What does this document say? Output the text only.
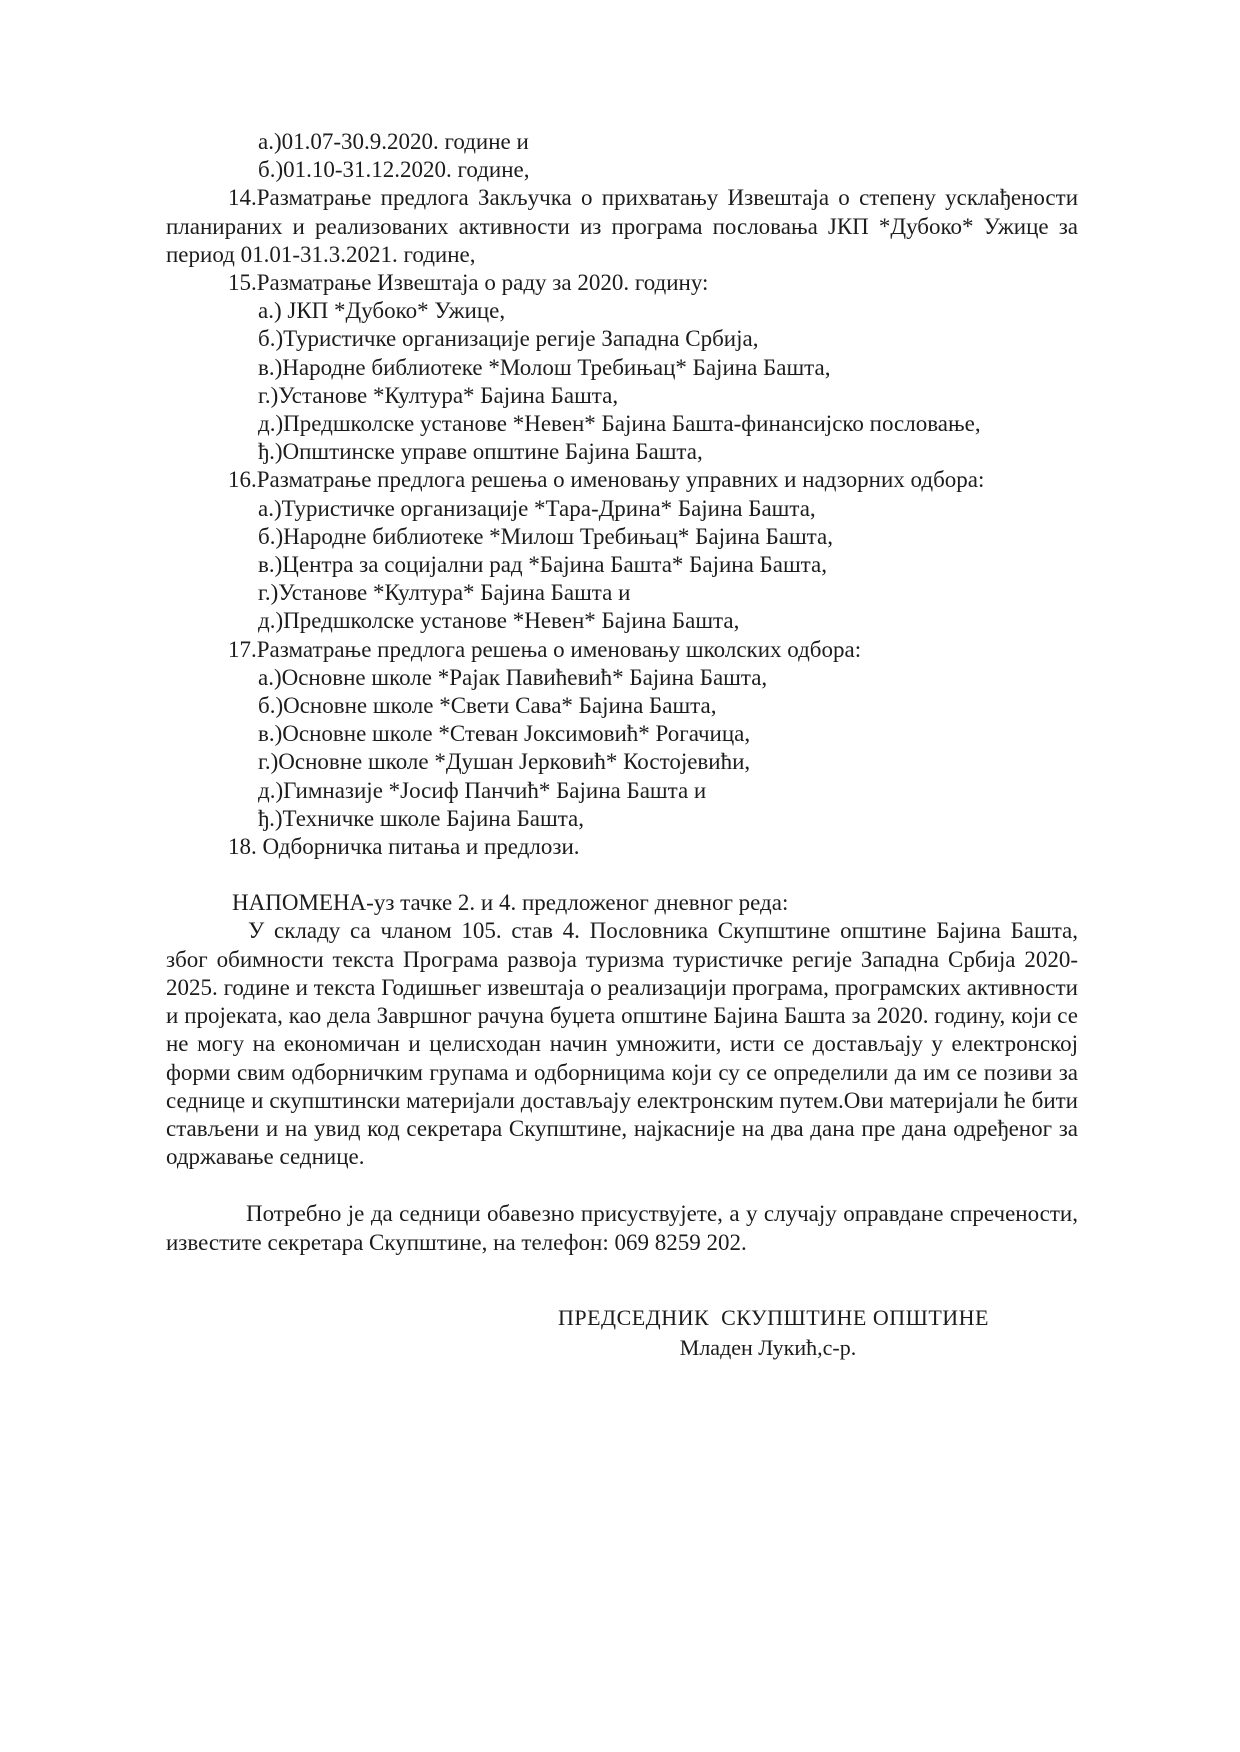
а.)01.07-30.9.2020. године и
б.)01.10-31.12.2020. године,

14.Разматрање предлога Закључка о прихватању Извештаја о степену усклађености планираних и реализованих активности из програма пословања ЈКП *Дубоко* Ужице за период 01.01-31.3.2021. године,

15.Разматрање Извештаја о раду за 2020. годину:
а.) ЈКП *Дубоко* Ужице,
б.)Туристичке организације регије Западна Србија,
в.)Народне библиотеке *Молош Требињац* Бајина Башта,
г.)Установе *Култура* Бајина Башта,
д.)Предшколске установе *Невен* Бајина Башта-финансијско пословање,
ђ.)Општинске управе општине Бајина Башта,
16.Разматрање предлога решења о именовању управних и надзорних одбора:
а.)Туристичке организације *Тара-Дрина* Бајина Башта,
б.)Народне библиотеке *Милош Требињац* Бајина Башта,
в.)Центра за социјални рад *Бајина Башта* Бајина Башта,
г.)Установе *Култура* Бајина Башта и
д.)Предшколске установе *Невен* Бајина Башта,
17.Разматрање предлога решења о именовању школских одбора:
а.)Основне школе *Рајак Павићевић* Бајина Башта,
б.)Основне школе *Свети Сава* Бајина Башта,
в.)Основне школе *Стеван Јоксимовић* Рогачица,
г.)Основне школе *Душан Јерковић* Костојевићи,
д.)Гимназије *Јосиф Панчић* Бајина Башта и
ђ.)Техничке школе Бајина Башта,
18. Одборничка питања и предлози.
НАПОМЕНА-уз тачке 2. и 4. предложеног дневног реда:

У складу са чланом 105. став 4. Пословника Скупштине општине Бајина Башта, због обимности текста Програма развоја туризма туристичке регије Западна Србија 2020-2025. године и текста Годишњег извештаја о реализацији програма, програмских активности и пројеката, као дела Завршног рачуна буџета општине Бајина Башта за 2020. годину, који се не могу на економичан и целисходан начин умножити, исти се достављају у електронској форми свим одборничким групама и одборницима који су се определили да им се позиви за седнице и скупштински материјали достављају електронским путем.Ови материјали ће бити стављени и на увид код секретара Скупштине, најкасније на два дана пре дана одређеног за одржавање седнице.

Потребно је да седници обавезно присуствујете, а у случају оправдане спречености, известите секретара Скупштине, на телефон: 069 8259 202.

ПРЕДСЕДНИК  СКУПШТИНЕ ОПШТИНЕ
Младен Лукић,с-р.
